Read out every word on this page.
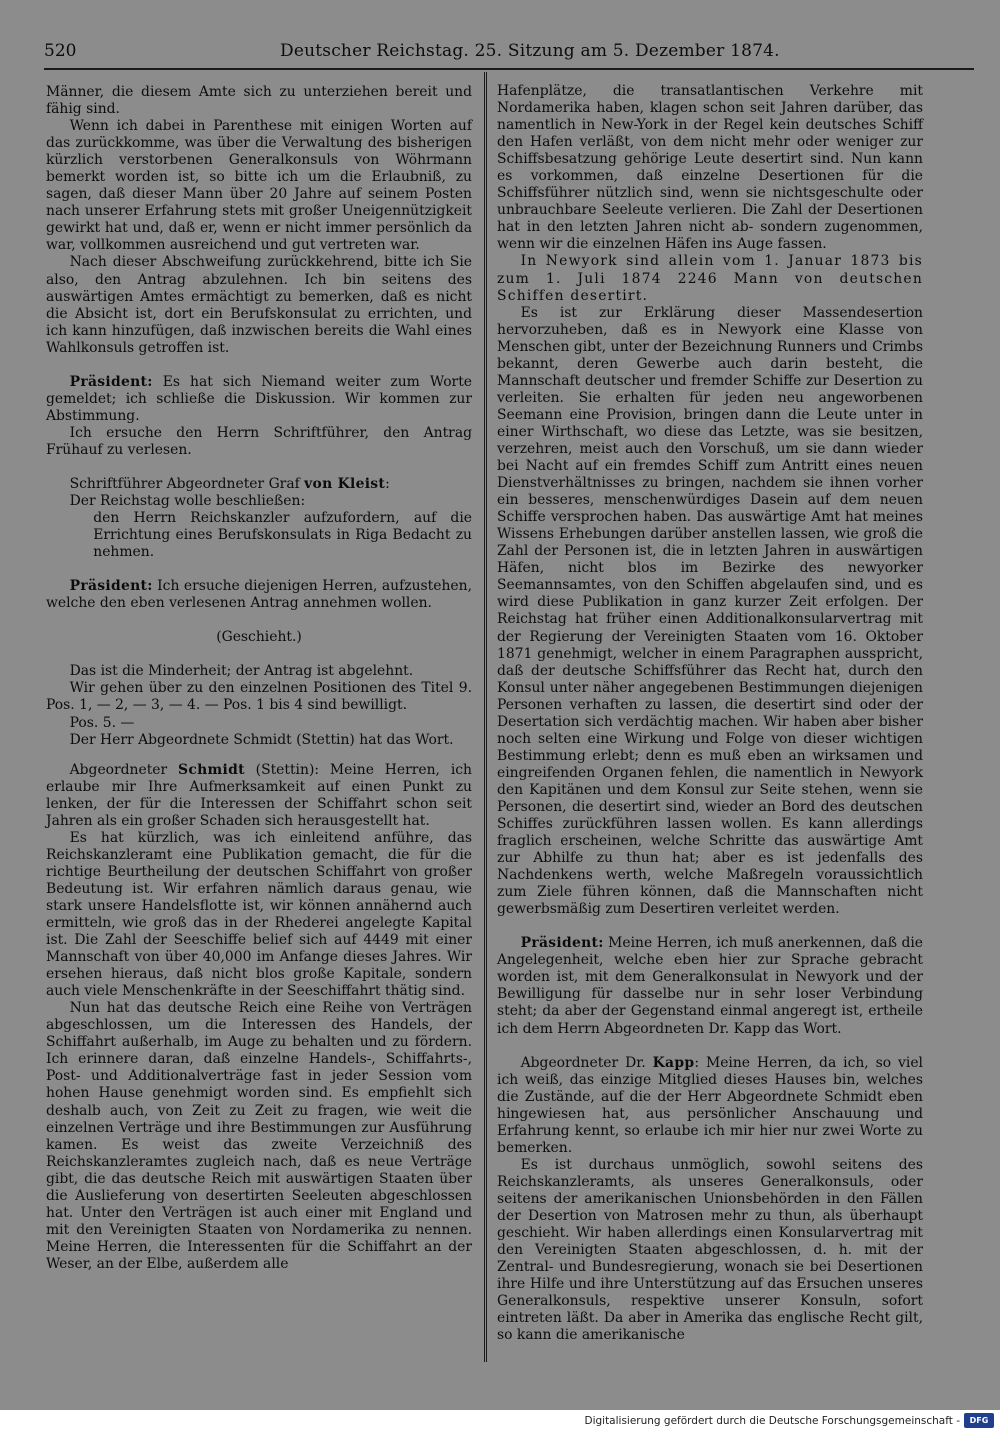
520	Deutscher Reichstag. 25. Sitzung am 5. Dezember 1874.

Männer, die diesem Amte sich zu unterziehen bereit und fähig sind.

Wenn ich dabei in Parenthese mit einigen Worten auf das zurückkomme, was über die Verwaltung des bisherigen kürzlich verstorbenen Generalkonsuls von Wöhrmann bemerkt worden ist, so bitte ich um die Erlaubniß, zu sagen, daß dieser Mann über 20 Jahre auf seinem Posten nach unserer Erfahrung stets mit großer Uneigennützigkeit gewirkt hat und, daß er, wenn er nicht immer persönlich da war, vollkommen ausreichend und gut vertreten war.

Nach dieser Abschweifung zurückkehrend, bitte ich Sie also, den Antrag abzulehnen. Ich bin seitens des auswärtigen Amtes ermächtigt zu bemerken, daß es nicht die Absicht ist, dort ein Berufskonsulat zu errichten, und ich kann hinzufügen, daß inzwischen bereits die Wahl eines Wahlkonsuls getroffen ist.

Präsident: Es hat sich Niemand weiter zum Worte gemeldet; ich schließe die Diskussion. Wir kommen zur Abstimmung.

Ich ersuche den Herrn Schriftführer, den Antrag Frühauf zu verlesen.

Schriftführer Abgeordneter Graf von Kleist:

Der Reichstag wolle beschließen:

den Herrn Reichskanzler aufzufordern, auf die Errichtung eines Berufskonsulats in Riga Bedacht zu nehmen.

Präsident: Ich ersuche diejenigen Herren, aufzustehen, welche den eben verlesenen Antrag annehmen wollen.

(Geschieht.)

Das ist die Minderheit; der Antrag ist abgelehnt.

Wir gehen über zu den einzelnen Positionen des Titel 9. Pos. 1, — 2, — 3, — 4. — Pos. 1 bis 4 sind bewilligt.

Pos. 5. —

Der Herr Abgeordnete Schmidt (Stettin) hat das Wort.

Abgeordneter Schmidt (Stettin): Meine Herren, ich erlaube mir Ihre Aufmerksamkeit auf einen Punkt zu lenken, der für die Interessen der Schiffahrt schon seit Jahren als ein großer Schaden sich herausgestellt hat.

Es hat kürzlich, was ich einleitend anführe, das Reichskanzleramt eine Publikation gemacht, die für die richtige Beurtheilung der deutschen Schiffahrt von großer Bedeutung ist. Wir erfahren nämlich daraus genau, wie stark unsere Handelsflotte ist, wir können annähernd auch ermitteln, wie groß das in der Rhederei angelegte Kapital ist. Die Zahl der Seeschiffe belief sich auf 4449 mit einer Mannschaft von über 40,000 im Anfange dieses Jahres. Wir ersehen hieraus, daß nicht blos große Kapitale, sondern auch viele Menschenkräfte in der Seeschiffahrt thätig sind.

Nun hat das deutsche Reich eine Reihe von Verträgen abgeschlossen, um die Interessen des Handels, der Schiffahrt außerhalb, im Auge zu behalten und zu fördern. Ich erinnere daran, daß einzelne Handels-, Schiffahrts-, Post- und Additionalverträge fast in jeder Session vom hohen Hause genehmigt worden sind. Es empfiehlt sich deshalb auch, von Zeit zu Zeit zu fragen, wie weit die einzelnen Verträge und ihre Bestimmungen zur Ausführung kamen. Es weist das zweite Verzeichniß des Reichskanzleramtes zugleich nach, daß es neue Verträge gibt, die das deutsche Reich mit auswärtigen Staaten über die Auslieferung von desertirten Seeleuten abgeschlossen hat. Unter den Verträgen ist auch einer mit England und mit den Vereinigten Staaten von Nordamerika zu nennen. Meine Herren, die Interessenten für die Schiffahrt an der Weser, an der Elbe, außerdem alle

Hafenplätze, die transatlantischen Verkehre mit Nordamerika haben, klagen schon seit Jahren darüber, das namentlich in New-York in der Regel kein deutsches Schiff den Hafen verläßt, von dem nicht mehr oder weniger zur Schiffsbesatzung gehörige Leute desertirt sind. Nun kann es vorkommen, daß einzelne Desertionen für die Schiffsführer nützlich sind, wenn sie nichtsgeschulte oder unbrauchbare Seeleute verlieren. Die Zahl der Desertionen hat in den letzten Jahren nicht ab- sondern zugenommen, wenn wir die einzelnen Häfen ins Auge fassen.

In Newyork sind allein vom 1. Januar 1873 bis zum 1. Juli 1874 2246 Mann von deutschen Schiffen desertirt.

Es ist zur Erklärung dieser Massendesertion hervorzuheben, daß es in Newyork eine Klasse von Menschen gibt, unter der Bezeichnung Runners und Crimbs bekannt, deren Gewerbe auch darin besteht, die Mannschaft deutscher und fremder Schiffe zur Desertion zu verleiten. Sie erhalten für jeden neu angeworbenen Seemann eine Provision, bringen dann die Leute unter in einer Wirthschaft, wo diese das Letzte, was sie besitzen, verzehren, meist auch den Vorschuß, um sie dann wieder bei Nacht auf ein fremdes Schiff zum Antritt eines neuen Dienstverhältnisses zu bringen, nachdem sie ihnen vorher ein besseres, menschenwürdiges Dasein auf dem neuen Schiffe versprochen haben. Das auswärtige Amt hat meines Wissens Erhebungen darüber anstellen lassen, wie groß die Zahl der Personen ist, die in letzten Jahren in auswärtigen Häfen, nicht blos im Bezirke des newyorker Seemannsamtes, von den Schiffen abgelaufen sind, und es wird diese Publikation in ganz kurzer Zeit erfolgen. Der Reichstag hat früher einen Additionalkonsularvertrag mit der Regierung der Vereinigten Staaten vom 16. Oktober 1871 genehmigt, welcher in einem Paragraphen ausspricht, daß der deutsche Schiffsführer das Recht hat, durch den Konsul unter näher angegebenen Bestimmungen diejenigen Personen verhaften zu lassen, die desertirt sind oder der Desertation sich verdächtig machen. Wir haben aber bisher noch selten eine Wirkung und Folge von dieser wichtigen Bestimmung erlebt; denn es muß eben an wirksamen und eingreifenden Organen fehlen, die namentlich in Newyork den Kapitänen und dem Konsul zur Seite stehen, wenn sie Personen, die desertirt sind, wieder an Bord des deutschen Schiffes zurückführen lassen wollen. Es kann allerdings fraglich erscheinen, welche Schritte das auswärtige Amt zur Abhilfe zu thun hat; aber es ist jedenfalls des Nachdenkens werth, welche Maßregeln voraussichtlich zum Ziele führen können, daß die Mannschaften nicht gewerbsmäßig zum Desertiren verleitet werden.

Präsident: Meine Herren, ich muß anerkennen, daß die Angelegenheit, welche eben hier zur Sprache gebracht worden ist, mit dem Generalkonsulat in Newyork und der Bewilligung für dasselbe nur in sehr loser Verbindung steht; da aber der Gegenstand einmal angeregt ist, ertheile ich dem Herrn Abgeordneten Dr. Kapp das Wort.

Abgeordneter Dr. Kapp: Meine Herren, da ich, so viel ich weiß, das einzige Mitglied dieses Hauses bin, welches die Zustände, auf die der Herr Abgeordnete Schmidt eben hingewiesen hat, aus persönlicher Anschauung und Erfahrung kennt, so erlaube ich mir hier nur zwei Worte zu bemerken.

Es ist durchaus unmöglich, sowohl seitens des Reichskanzleramts, als unseres Generalkonsuls, oder seitens der amerikanischen Unionsbehörden in den Fällen der Desertion von Matrosen mehr zu thun, als überhaupt geschieht. Wir haben allerdings einen Konsularvertrag mit den Vereinigten Staaten abgeschlossen, d. h. mit der Zentral- und Bundesregierung, wonach sie bei Desertionen ihre Hilfe und ihre Unterstützung auf das Ersuchen unseres Generalkonsuls, respektive unserer Konsuln, sofort eintreten läßt. Da aber in Amerika das englische Recht gilt, so kann die amerikanische

Digitalisierung gefördert durch die Deutsche Forschungsgemeinschaft -	DFG
